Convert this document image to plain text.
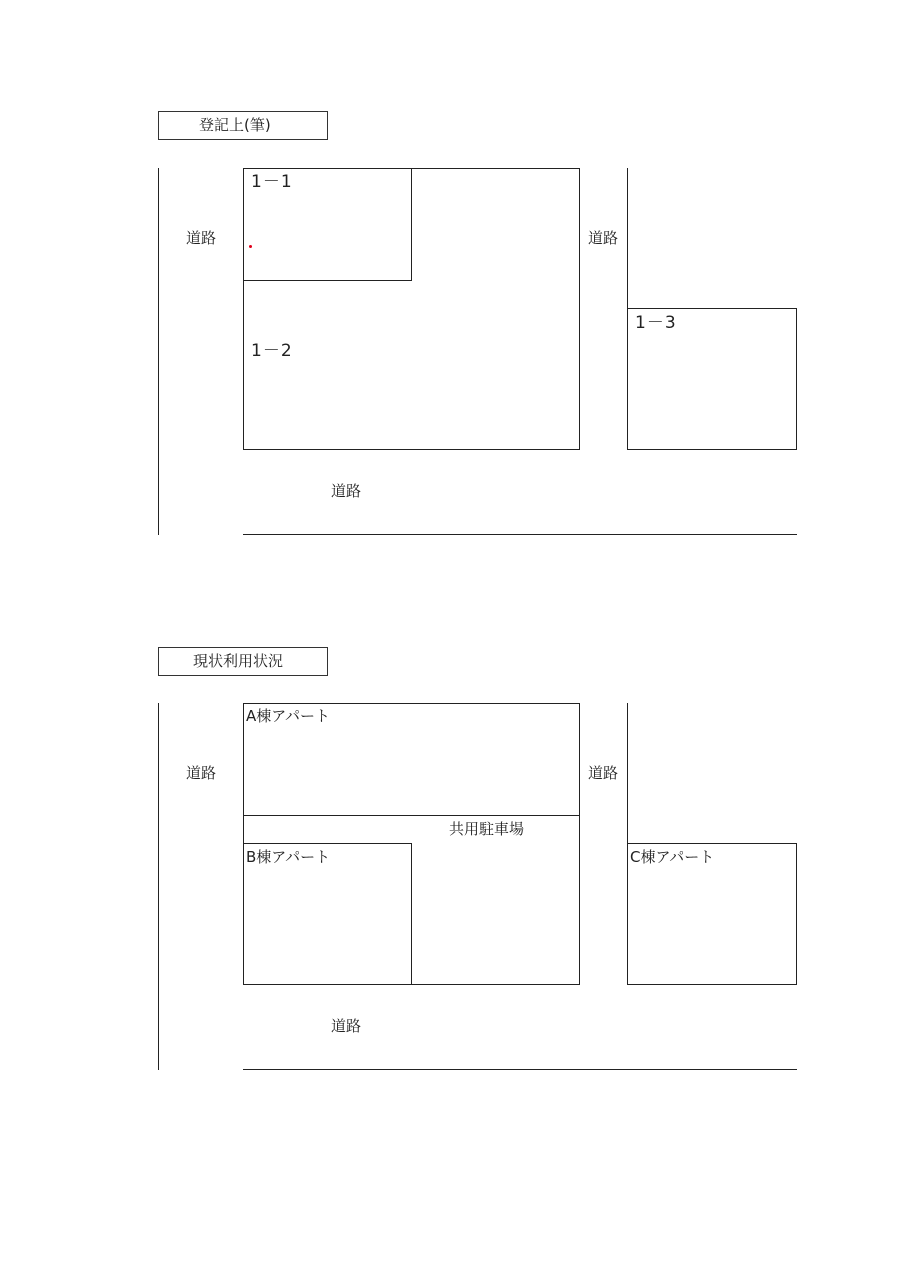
登記上(筆)
道路
1－1
1－2
道路
1－3
道路
現状利用状況
道路
A棟アパート
共用駐車場
B棟アパート
道路
C棟アパート
道路
